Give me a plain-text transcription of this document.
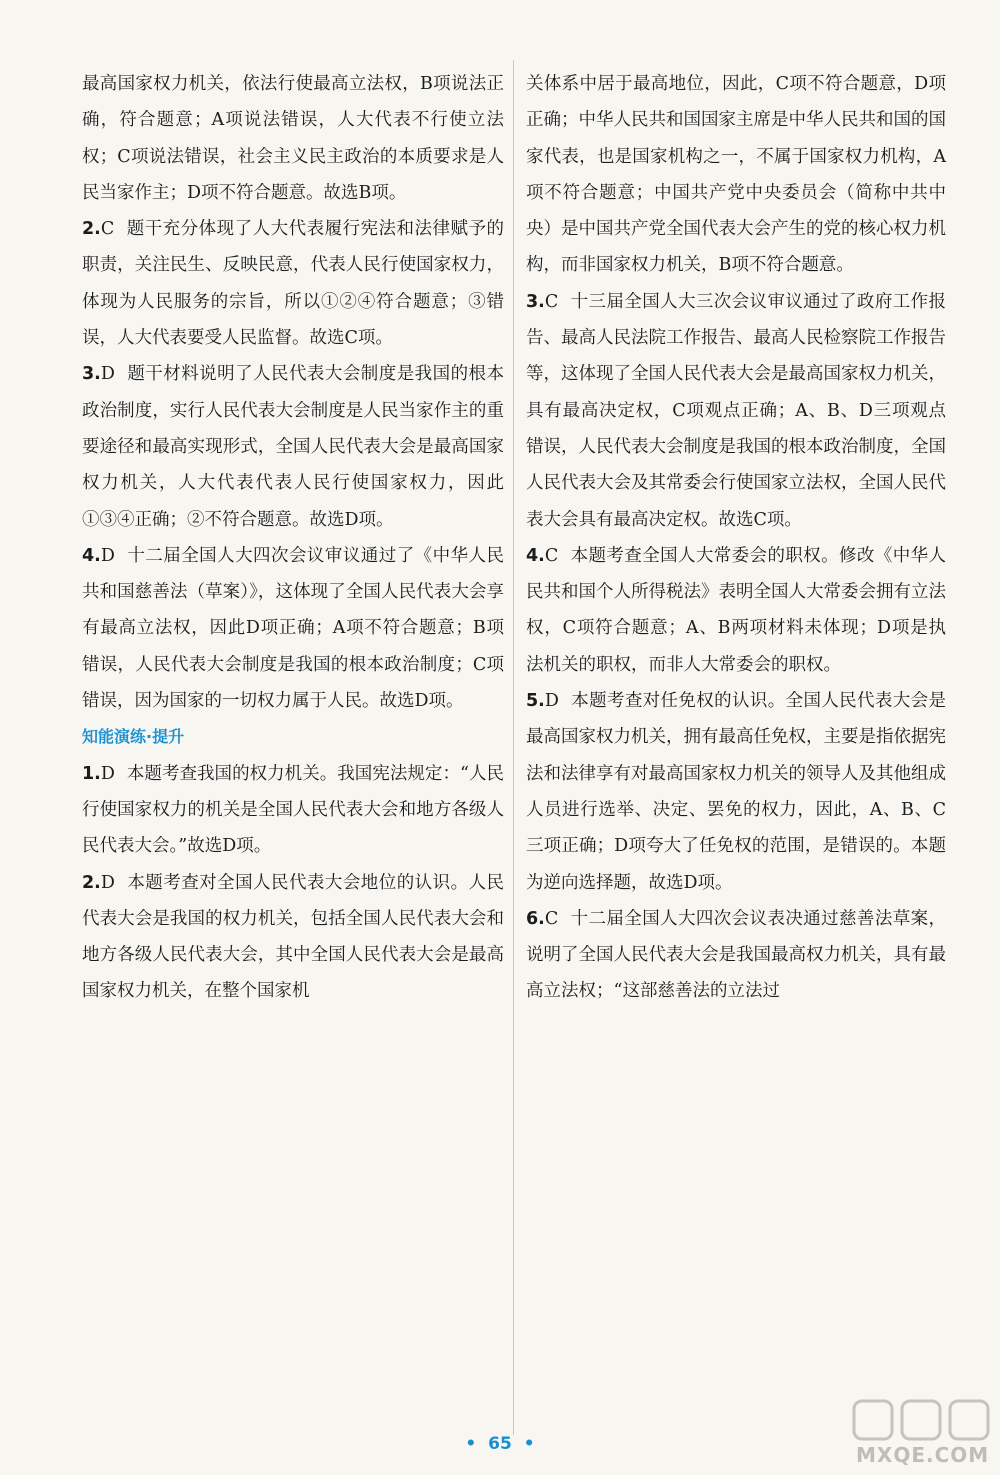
最高国家权力机关，依法行使最高立法权，B项说法正确，符合题意；A项说法错误，人大代表不行使立法权；C项说法错误，社会主义民主政治的本质要求是人民当家作主；D项不符合题意。故选B项。

2.C 题干充分体现了人大代表履行宪法和法律赋予的职责，关注民生、反映民意，代表人民行使国家权力，体现为人民服务的宗旨，所以①②④符合题意；③错误，人大代表要受人民监督。故选C项。

3.D 题干材料说明了人民代表大会制度是我国的根本政治制度，实行人民代表大会制度是人民当家作主的重要途径和最高实现形式，全国人民代表大会是最高国家权力机关，人大代表代表人民行使国家权力，因此①③④正确；②不符合题意。故选D项。

4.D 十二届全国人大四次会议审议通过了《中华人民共和国慈善法（草案）》，这体现了全国人民代表大会享有最高立法权，因此D项正确；A项不符合题意；B项错误，人民代表大会制度是我国的根本政治制度；C项错误，因为国家的一切权力属于人民。故选D项。

知能演练·提升

1.D 本题考查我国的权力机关。我国宪法规定：“人民行使国家权力的机关是全国人民代表大会和地方各级人民代表大会。”故选D项。

2.D 本题考查对全国人民代表大会地位的认识。人民代表大会是我国的权力机关，包括全国人民代表大会和地方各级人民代表大会，其中全国人民代表大会是最高国家权力机关，在整个国家机

关体系中居于最高地位，因此，C项不符合题意，D项正确；中华人民共和国国家主席是中华人民共和国的国家代表，也是国家机构之一，不属于国家权力机构，A项不符合题意；中国共产党中央委员会（简称中共中央）是中国共产党全国代表大会产生的党的核心权力机构，而非国家权力机关，B项不符合题意。

3.C 十三届全国人大三次会议审议通过了政府工作报告、最高人民法院工作报告、最高人民检察院工作报告等，这体现了全国人民代表大会是最高国家权力机关，具有最高决定权，C项观点正确；A、B、D三项观点错误，人民代表大会制度是我国的根本政治制度，全国人民代表大会及其常委会行使国家立法权，全国人民代表大会具有最高决定权。故选C项。

4.C 本题考查全国人大常委会的职权。修改《中华人民共和国个人所得税法》表明全国人大常委会拥有立法权，C项符合题意；A、B两项材料未体现；D项是执法机关的职权，而非人大常委会的职权。

5.D 本题考查对任免权的认识。全国人民代表大会是最高国家权力机关，拥有最高任免权，主要是指依据宪法和法律享有对最高国家权力机关的领导人及其他组成人员进行选举、决定、罢免的权力，因此，A、B、C三项正确；D项夸大了任免权的范围，是错误的。本题为逆向选择题，故选D项。

6.C 十二届全国人大四次会议表决通过慈善法草案，说明了全国人民代表大会是我国最高权力机关，具有最高立法权；“这部慈善法的立法过

• 65 •	MXQE.COM
